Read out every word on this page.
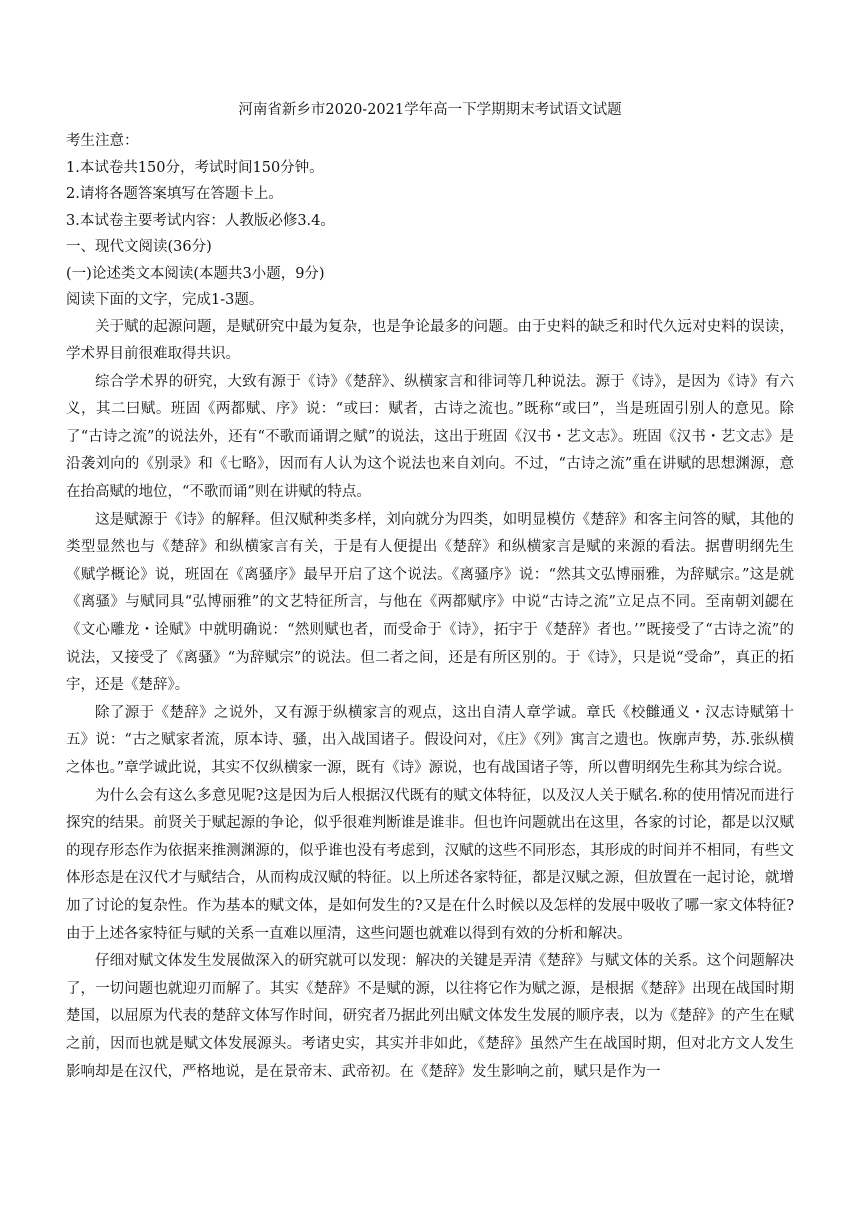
河南省新乡市2020-2021学年高一下学期期末考试语文试题
考生注意：
1.本试卷共150分，考试时间150分钟。
2.请将各题答案填写在答题卡上。
3.本试卷主要考试内容：人教版必修3.4。
一、现代文阅读(36分)
(一)论述类文本阅读(本题共3小题，9分)
阅读下面的文字，完成1-3题。

关于赋的起源问题，是赋研究中最为复杂，也是争论最多的问题。由于史料的缺乏和时代久远对史料的误读，学术界目前很难取得共识。

综合学术界的研究，大致有源于《诗》《楚辞》、纵横家言和徘词等几种说法。源于《诗》，是因为《诗》有六义，其二曰赋。班固《两都赋、序》说：“或曰：赋者，古诗之流也。”既称“或曰”，当是班固引别人的意见。除了“古诗之流”的说法外，还有“不歌而诵谓之赋”的说法，这出于班固《汉书・艺文志》。班固《汉书・艺文志》是沿袭刘向的《别录》和《七略》，因而有人认为这个说法也来自刘向。不过，“古诗之流”重在讲赋的思想渊源，意在抬高赋的地位，“不歌而诵”则在讲赋的特点。

这是赋源于《诗》的解释。但汉赋种类多样，刘向就分为四类，如明显模仿《楚辞》和客主问答的赋，其他的类型显然也与《楚辞》和纵横家言有关，于是有人便提出《楚辞》和纵横家言是赋的来源的看法。据曹明纲先生《赋学概论》说，班固在《离骚序》最早开启了这个说法。《离骚序》说：“然其文弘博丽雅，为辞赋宗。”这是就《离骚》与赋同具“弘博丽雅”的文艺特征所言，与他在《两都赋序》中说“古诗之流”立足点不同。至南朝刘勰在《文心雕龙・诠赋》中就明确说：“然则赋也者，而受命于《诗》，拓宇于《楚辞》者也。’”既接受了“古诗之流”的说法，又接受了《离骚》“为辞赋宗”的说法。但二者之间，还是有所区别的。于《诗》，只是说“受命”，真正的拓宇，还是《楚辞》。

除了源于《楚辞》之说外，又有源于纵横家言的观点，这出自清人章学诚。章氏《校雠通义・汉志诗赋第十五》说：“古之赋家者流，原本诗、骚，出入战国诸子。假设问对，《庄》《列》寓言之遗也。恢廓声势，苏.张纵横之体也。”章学诚此说，其实不仅纵横家一源，既有《诗》源说，也有战国诸子等，所以曹明纲先生称其为综合说。

为什么会有这么多意见呢?这是因为后人根据汉代既有的赋文体特征，以及汉人关于赋名.称的使用情况而进行探究的结果。前贤关于赋起源的争论，似乎很难判断谁是谁非。但也许问题就出在这里，各家的讨论，都是以汉赋的现存形态作为依据来推测渊源的，似乎谁也没有考虑到，汉赋的这些不同形态，其形成的时间并不相同，有些文体形态是在汉代才与赋结合，从而构成汉赋的特征。以上所述各家特征，都是汉赋之源，但放置在一起讨论，就增加了讨论的复杂性。作为基本的赋文体，是如何发生的?又是在什么时候以及怎样的发展中吸收了哪一家文体特征?由于上述各家特征与赋的关系一直难以厘清，这些问题也就难以得到有效的分析和解决。

仔细对赋文体发生发展做深入的研究就可以发现：解决的关键是弄清《楚辞》与赋文体的关系。这个问题解决了，一切问题也就迎刃而解了。其实《楚辞》不是赋的源，以往将它作为赋之源，是根据《楚辞》出现在战国时期楚国，以屈原为代表的楚辞文体写作时间，研究者乃据此列出赋文体发生发展的顺序表，以为《楚辞》的产生在赋之前，因而也就是赋文体发展源头。考诸史实，其实并非如此，《楚辞》虽然产生在战国时期，但对北方文人发生影响却是在汉代，严格地说，是在景帝末、武帝初。在《楚辞》发生影响之前，赋只是作为一
